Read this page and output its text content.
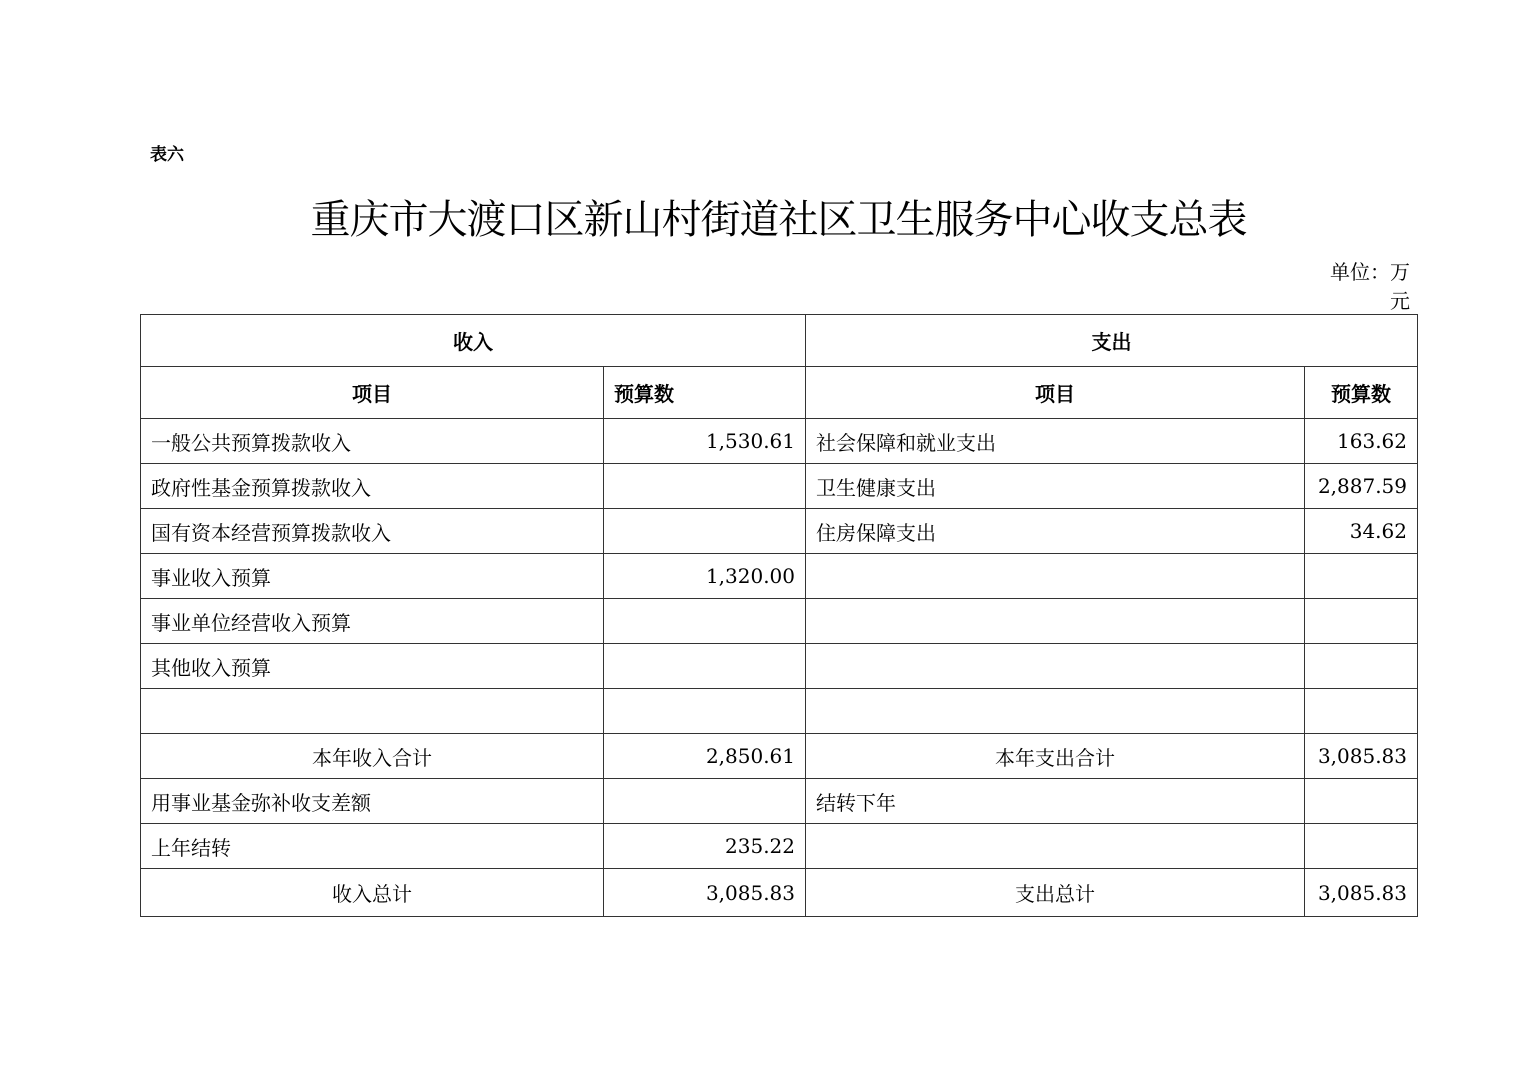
表六
重庆市大渡口区新山村街道社区卫生服务中心收支总表
单位：万
元
收入		支出	
项目	预算数	项目	预算数
一般公共预算拨款收入	1,530.61	社会保障和就业支出	163.62
政府性基金预算拨款收入		卫生健康支出	2,887.59
国有资本经营预算拨款收入		住房保障支出	34.62
事业收入预算	1,320.00		
事业单位经营收入预算			
其他收入预算			

本年收入合计	2,850.61	本年支出合计	3,085.83
用事业基金弥补收支差额		结转下年	
上年结转	235.22		
收入总计	3,085.83	支出总计	3,085.83
